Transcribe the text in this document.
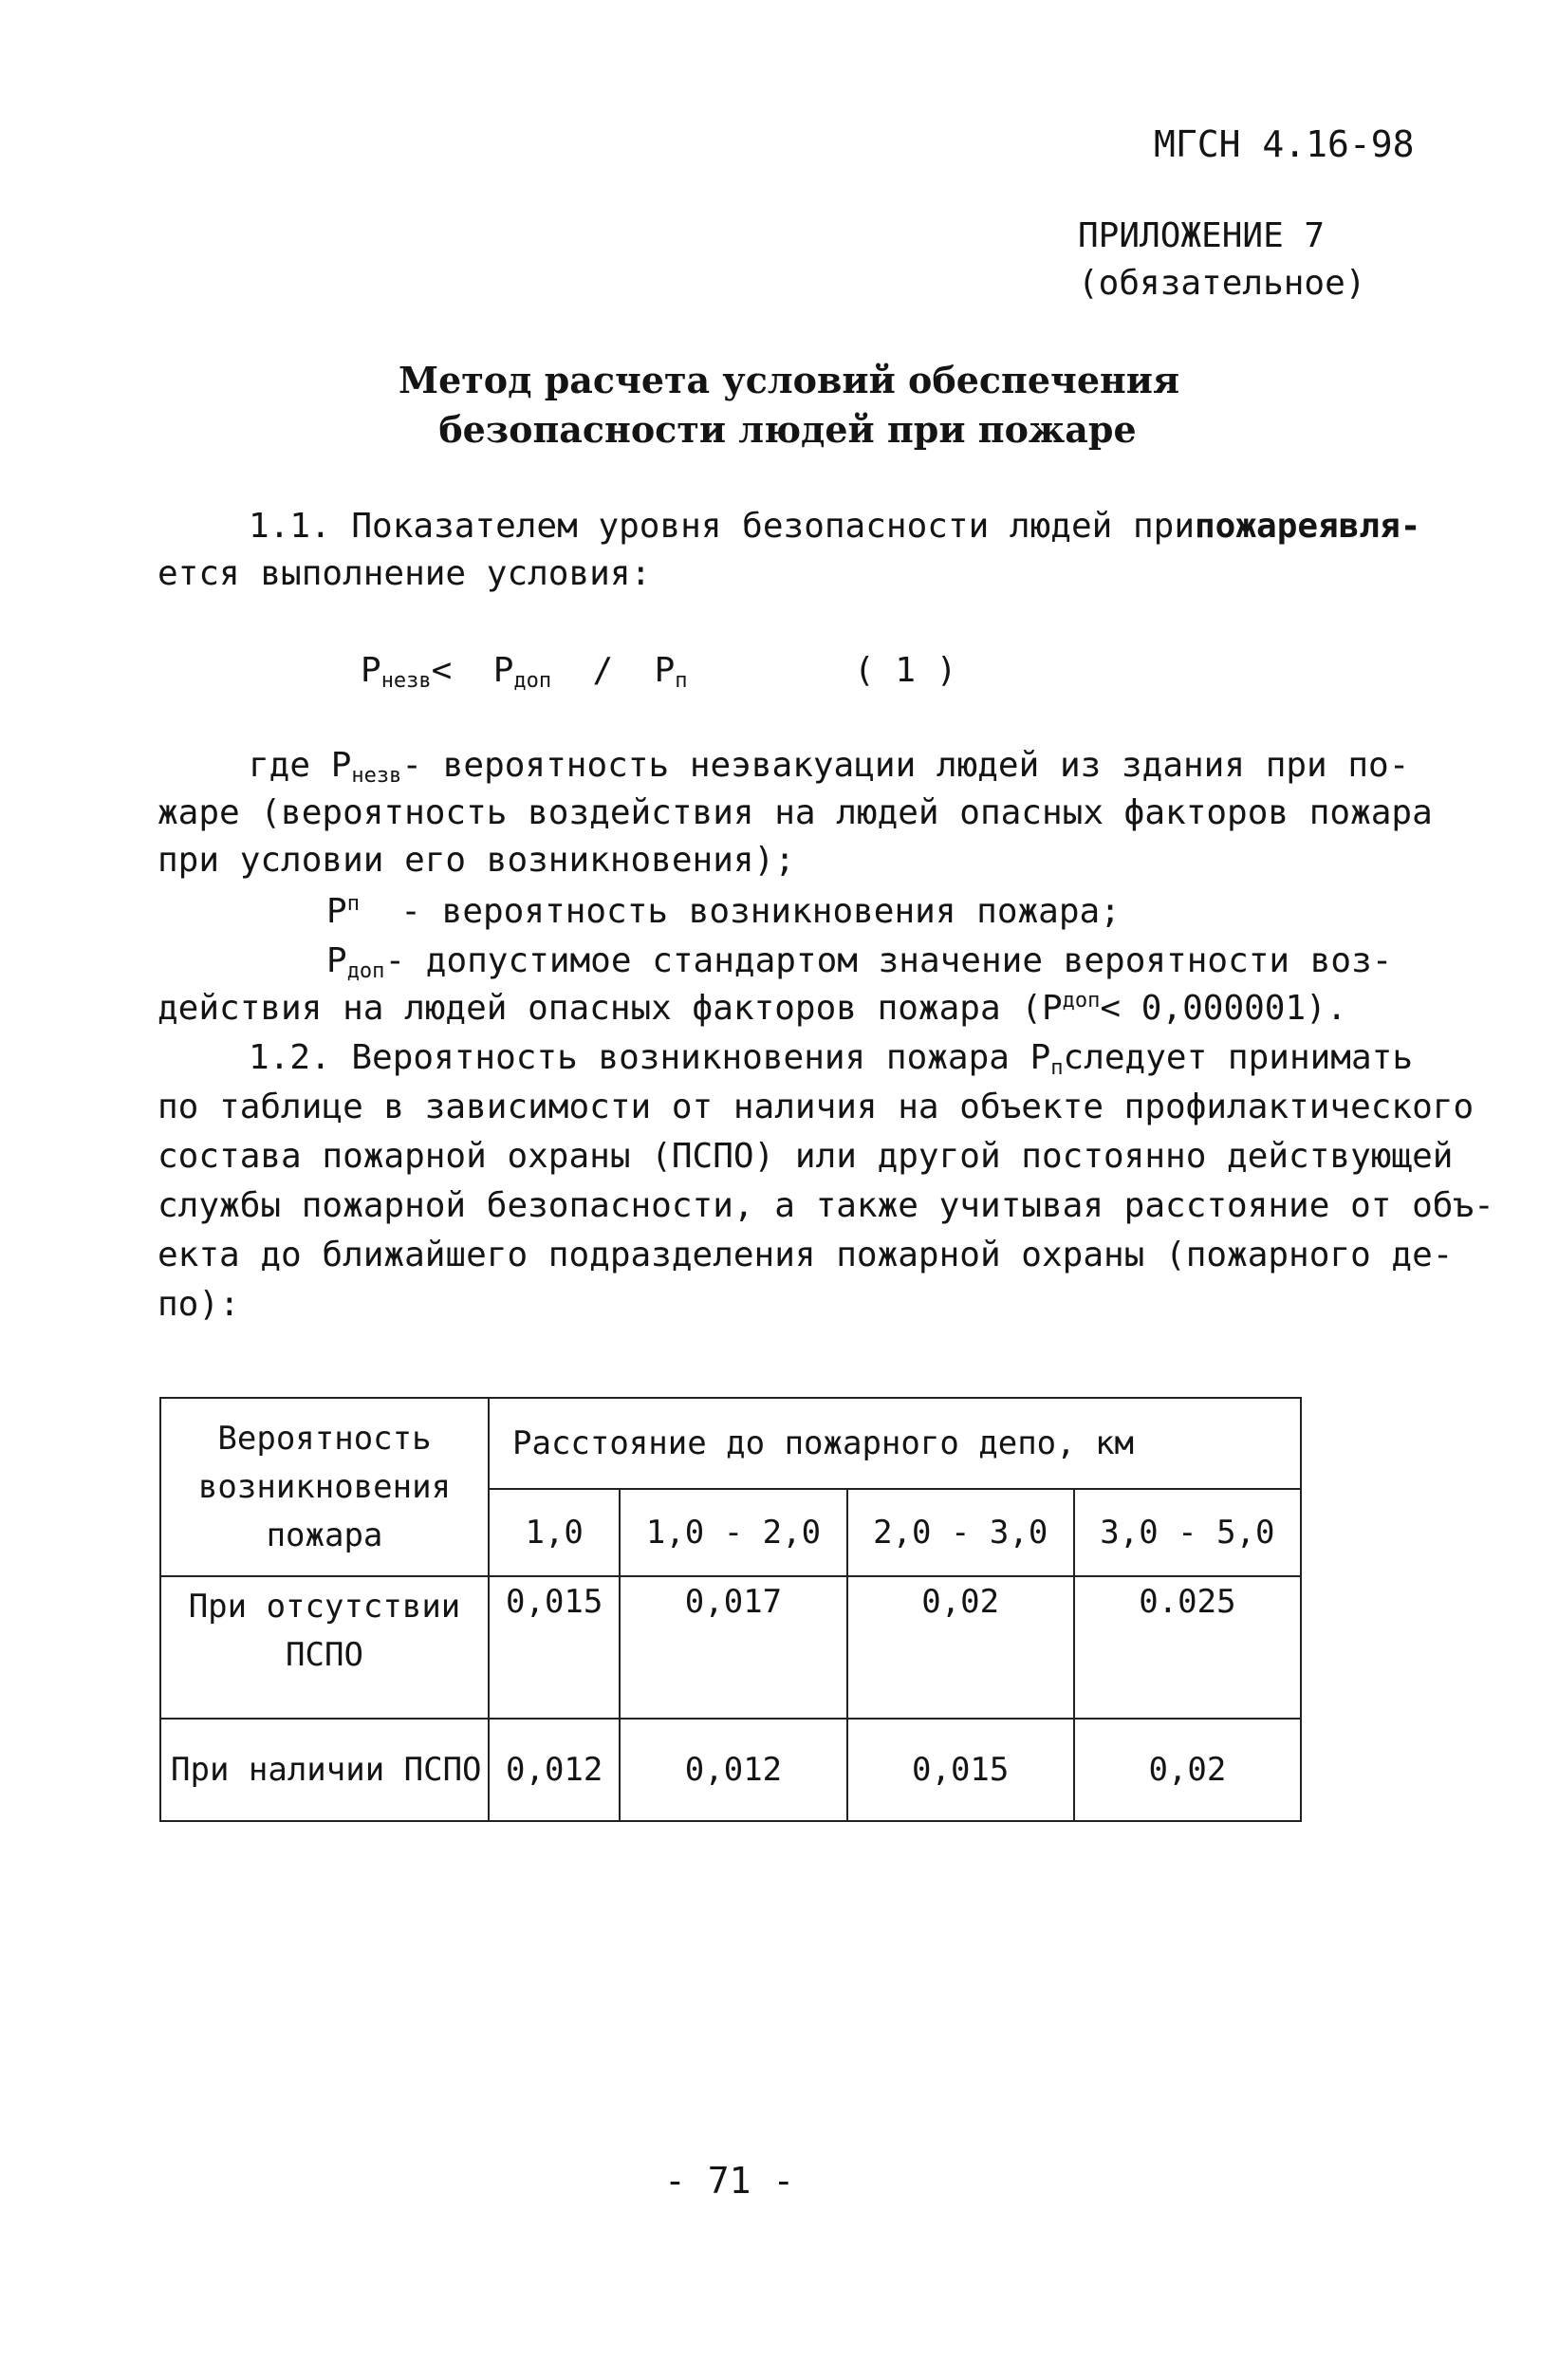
МГСН 4.16-98
ПРИЛОЖЕНИЕ 7
(обязательное)
Метод расчета условий обеспечения
безопасности людей при пожаре
1.1. Показателем уровня безопасности людей при пожаре явля-
ется выполнение условия:
$P_{незв}< P_{доп} / P_п$	( 1 )
где $P_{незв}$ - вероятность неэвакуации людей из здания при по-
жаре (вероятность воздействия на людей опасных факторов пожара
при условии его возникновения);
P п
- вероятность возникновения пожара;
$P_{доп}$ - допустимое стандартом значение вероятности воз-
действия на людей опасных факторов пожара (P доп < 0,000001).
1.2. Вероятность возникновения пожара $P_п$ следует принимать
по таблице в зависимости от наличия на объекте профилактического
состава пожарной охраны (ПСПО) или другой постоянно действующей
службы пожарной безопасности, а также учитывая расстояние от объ-
екта до ближайшего подразделения пожарной охраны (пожарного де-
по):
Вероятность возникновения пожара	Расстояние до пожарного депо, км			
	1,0	1,0 - 2,0	2,0 - 3,0	3,0 - 5,0
При отсутствии ПСПО	0,015	0,017	0,02	0.025
При наличии ПСПО	0,012	0,012	0,015	0,02
- 71 -
